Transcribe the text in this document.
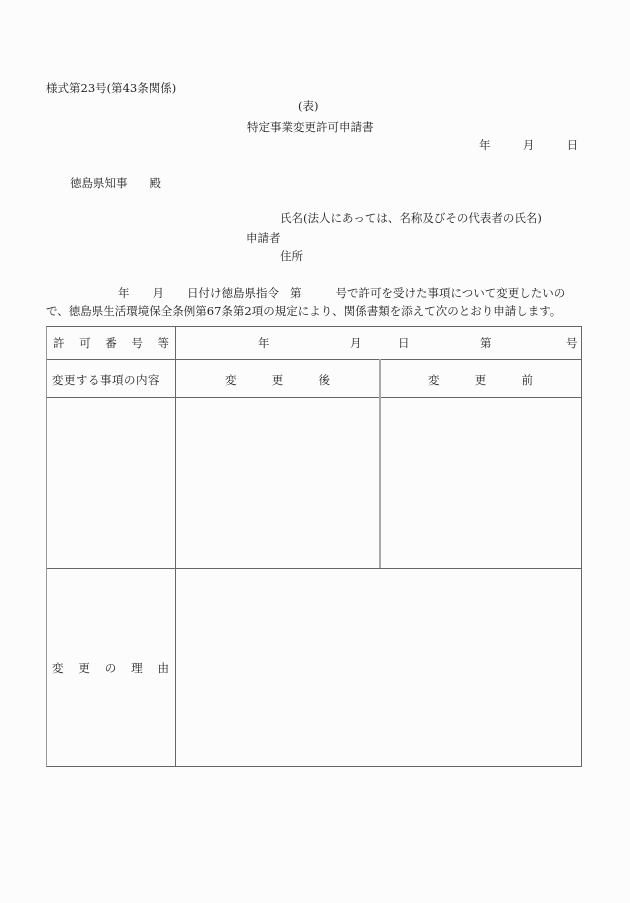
様式第23号(第43条関係)
(表)
特定事業変更許可申請書
年	月	日
徳島県知事 殿
氏名(法人にあっては、名称及びその代表者の氏名)
申請者
住所
年 月 日付け徳島県指令 第	号で許可を受けた事項について変更したいの
で、徳島県生活環境保全条例第67条第2項の規定により、関係書類を添えて次のとおり申請します。
許 可 番 号 等	年	月	日	第	号
変更する事項の内容	変	更	後	変	更	前
変 更 の 理 由
